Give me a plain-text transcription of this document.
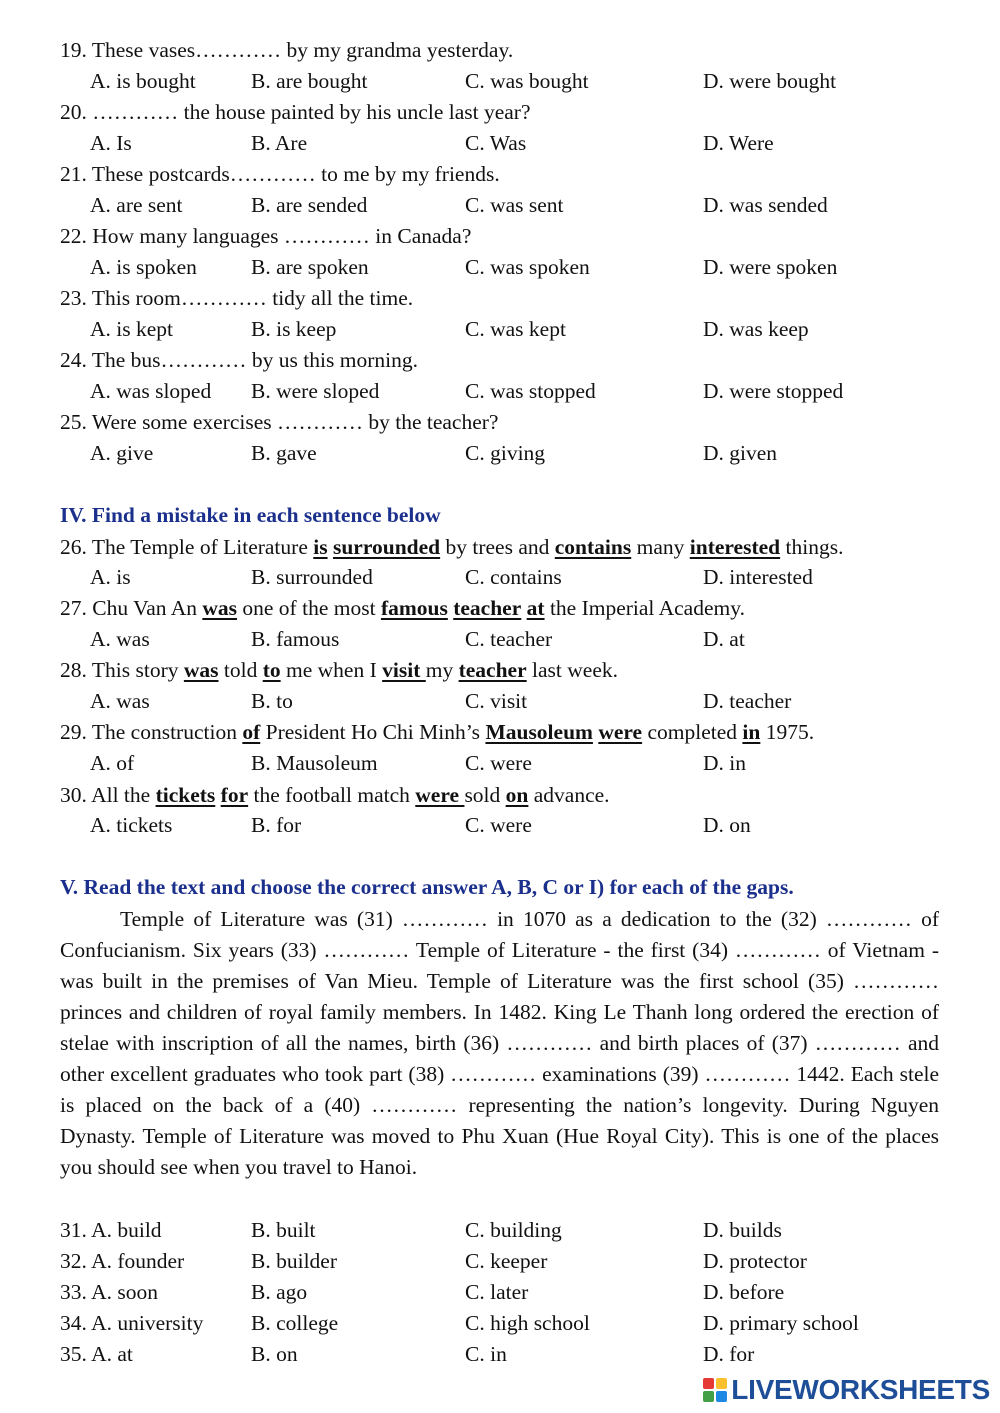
19. These vases………… by my grandma yesterday.
A. is bought	B. are bought	C. was bought	D. were bought
20. ………… the house painted by his uncle last year?
A. Is	B. Are	C. Was	D. Were
21. These postcards………… to me by my friends.
A. are sent	B. are sended	C. was sent	D. was sended
22. How many languages ………… in Canada?
A. is spoken	B. are spoken	C. was spoken	D. were spoken
23. This room………… tidy all the time.
A. is kept	B. is keep	C. was kept	D. was keep
24. The bus………… by us this morning.
A. was sloped B. were sloped	C. was stopped	D. were stopped
25. Were some exercises ………… by the teacher?
A. give	B. gave	C. giving	D. given
IV. Find a mistake in each sentence below
26. The Temple of Literature is surrounded by trees and contains many interested things.
A. is	B. surrounded	C. contains	D. interested
27. Chu Van An was one of the most famous teacher at the Imperial Academy.
A. was	B. famous	C. teacher	D. at
28. This story was told to me when I visit my teacher last week.
A. was	B. to	C. visit	D. teacher
29. The construction of President Ho Chi Minh’s Mausoleum were completed in 1975.
A. of	B. Mausoleum	C. were	D. in
30. All the tickets for the football match were sold on advance.
A. tickets	B. for	C. were	D. on
V. Read the text and choose the correct answer A, B, C or I) for each of the gaps.
Temple of Literature was (31) ………… in 1070 as a dedication to the (32) ………… of Confucianism. Six years (33) ………… Temple of Literature - the first (34) ………… of Vietnam - was built in the premises of Van Mieu. Temple of Literature was the first school (35) ………… princes and children of royal family members. In 1482. King Le Thanh long ordered the erection of stelae with inscription of all the names, birth (36) ………… and birth places of (37) ………… and other excellent graduates who took part (38) ………… examinations (39) ………… 1442. Each stele is placed on the back of a (40) ………… representing the nation’s longevity. During Nguyen Dynasty. Temple of Literature was moved to Phu Xuan (Hue Royal City). This is one of the places you should see when you travel to Hanoi.
31. A. build	B. built	C. building	D. builds
32. A. founder	B. builder	C. keeper	D. protector
33. A. soon	B. ago	C. later	D. before
34. A. university B. college	C. high school	D. primary school
35. A. at	B. on	C. in	D. for
LIVEWORKSHEETS
